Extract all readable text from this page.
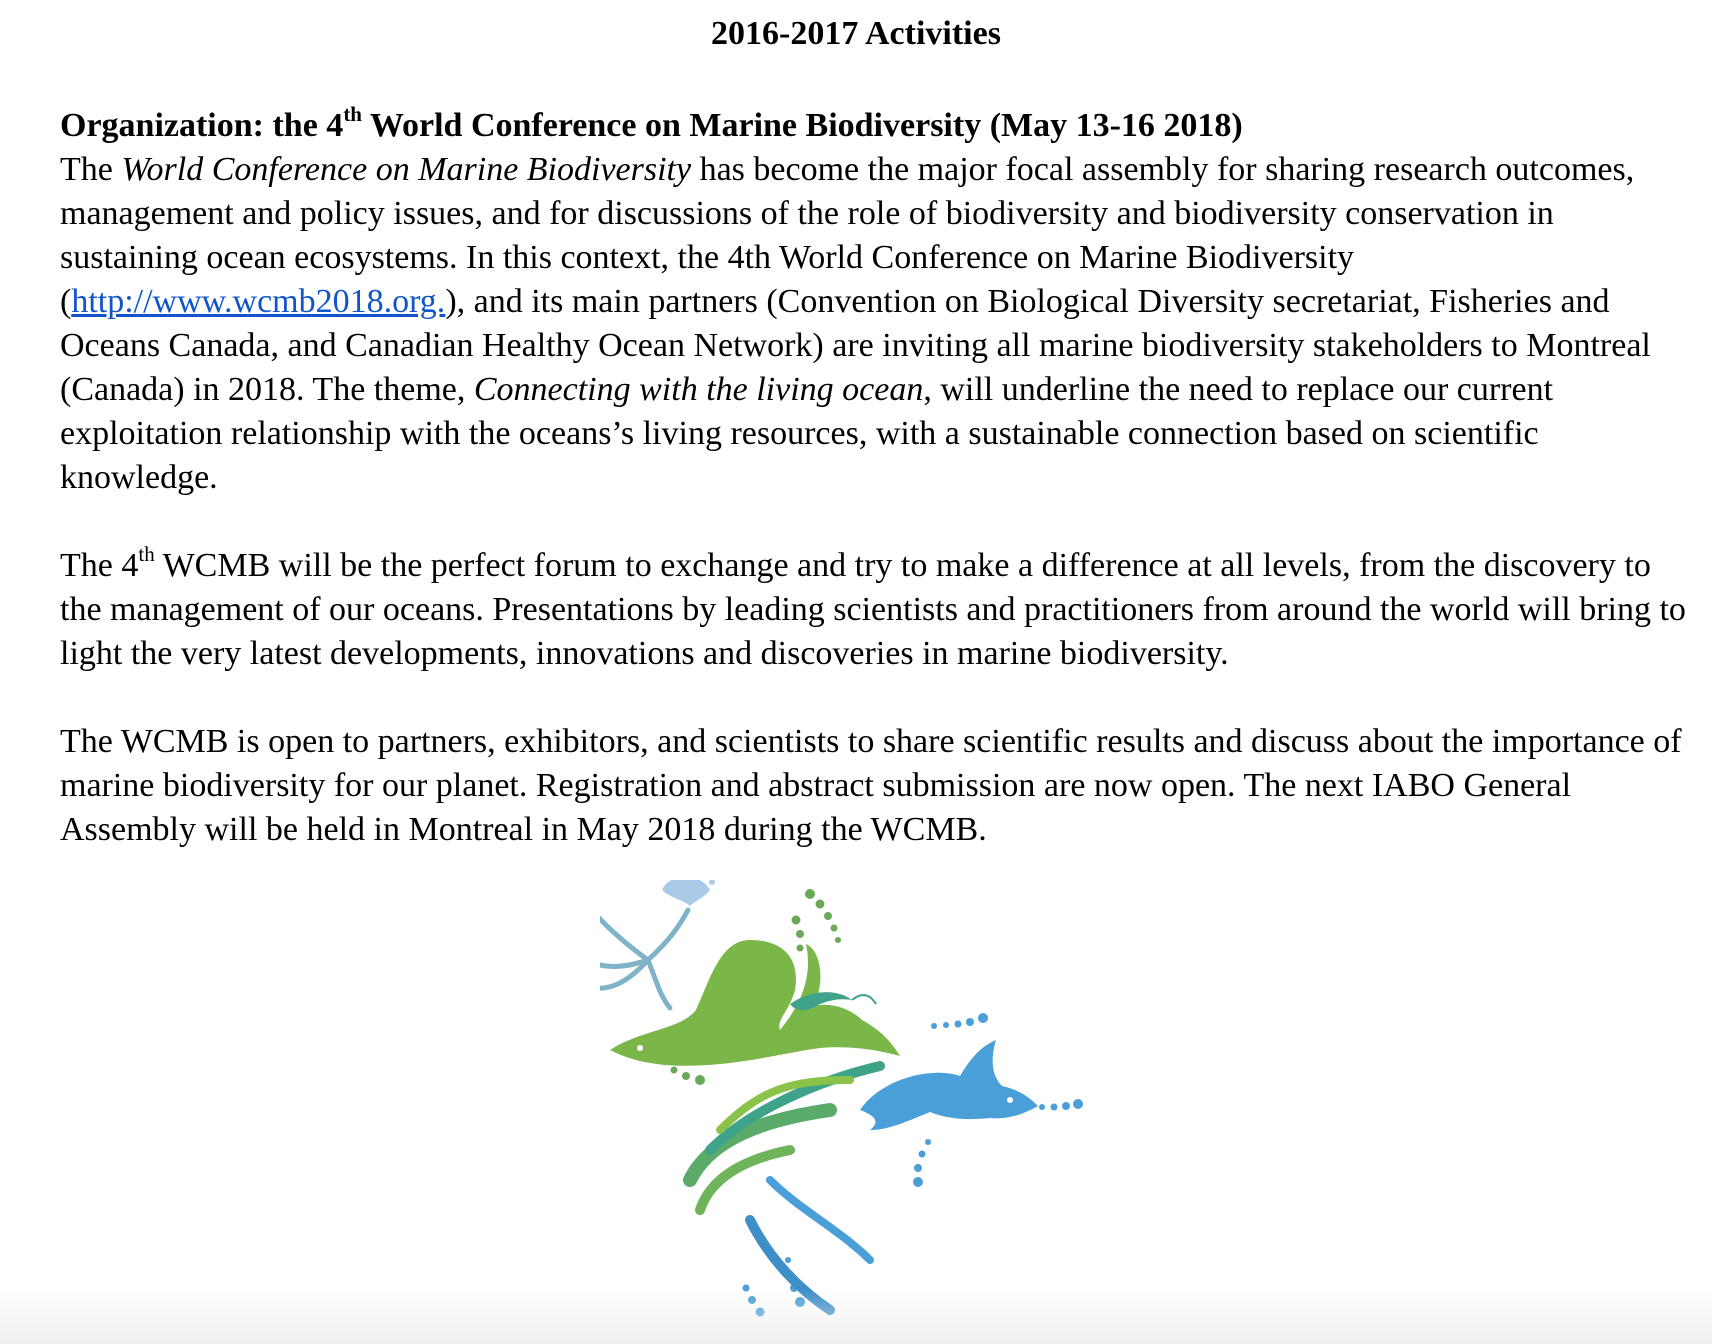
2016-2017 Activities
Organization: the 4th World Conference on Marine Biodiversity (May 13-16 2018)

The World Conference on Marine Biodiversity has become the major focal assembly for sharing research outcomes, management and policy issues, and for discussions of the role of biodiversity and biodiversity conservation in sustaining ocean ecosystems. In this context, the 4th World Conference on Marine Biodiversity (http://www.wcmb2018.org.), and its main partners (Convention on Biological Diversity secretariat, Fisheries and Oceans Canada, and Canadian Healthy Ocean Network) are inviting all marine biodiversity stakeholders to Montreal (Canada) in 2018. The theme, Connecting with the living ocean, will underline the need to replace our current exploitation relationship with the oceans’s living resources, with a sustainable connection based on scientific knowledge.

The 4th WCMB will be the perfect forum to exchange and try to make a difference at all levels, from the discovery to the management of our oceans. Presentations by leading scientists and practitioners from around the world will bring to light the very latest developments, innovations and discoveries in marine biodiversity.

The WCMB is open to partners, exhibitors, and scientists to share scientific results and discuss about the importance of marine biodiversity for our planet. Registration and abstract submission are now open. The next IABO General Assembly will be held in Montreal in May 2018 during the WCMB.
